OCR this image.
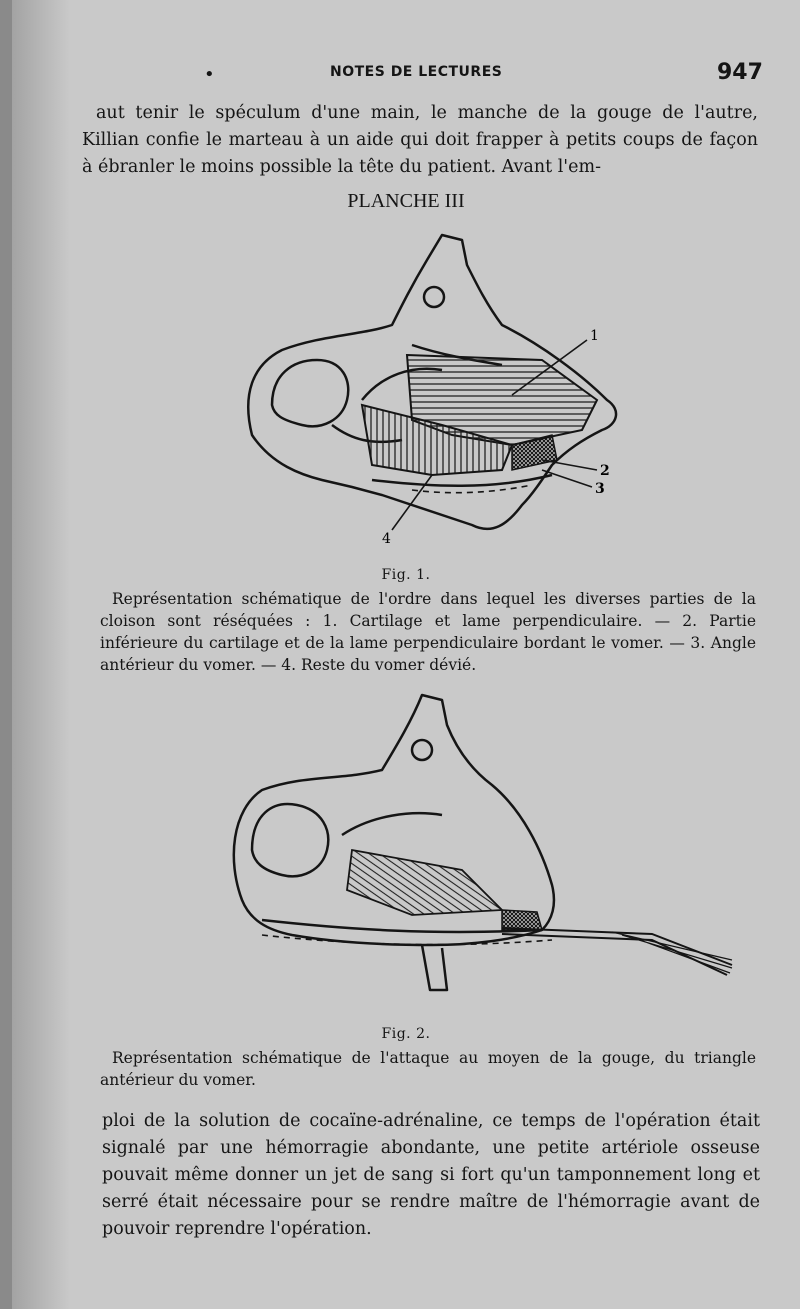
•	NOTES DE LECTURES	947
aut tenir le spéculum d'une main, le manche de la gouge de l'autre, Killian confie le marteau à un aide qui doit frapper à petits coups de façon à ébranler le moins possible la tête du patient. Avant l'em-
PLANCHE III
1
2
3
4
Fig. 1.
Représentation schématique de l'ordre dans lequel les diverses parties de la cloison sont réséquées : 1. Cartilage et lame perpendiculaire. — 2. Partie inférieure du cartilage et de la lame perpendiculaire bordant le vomer. — 3. Angle antérieur du vomer. — 4. Reste du vomer dévié.
Fig. 2.
Représentation schématique de l'attaque au moyen de la gouge, du triangle antérieur du vomer.
ploi de la solution de cocaïne-adrénaline, ce temps de l'opération était signalé par une hémorragie abondante, une petite artériole osseuse pouvait même donner un jet de sang si fort qu'un tamponnement long et serré était nécessaire pour se rendre maître de l'hémorragie avant de pouvoir reprendre l'opération.
